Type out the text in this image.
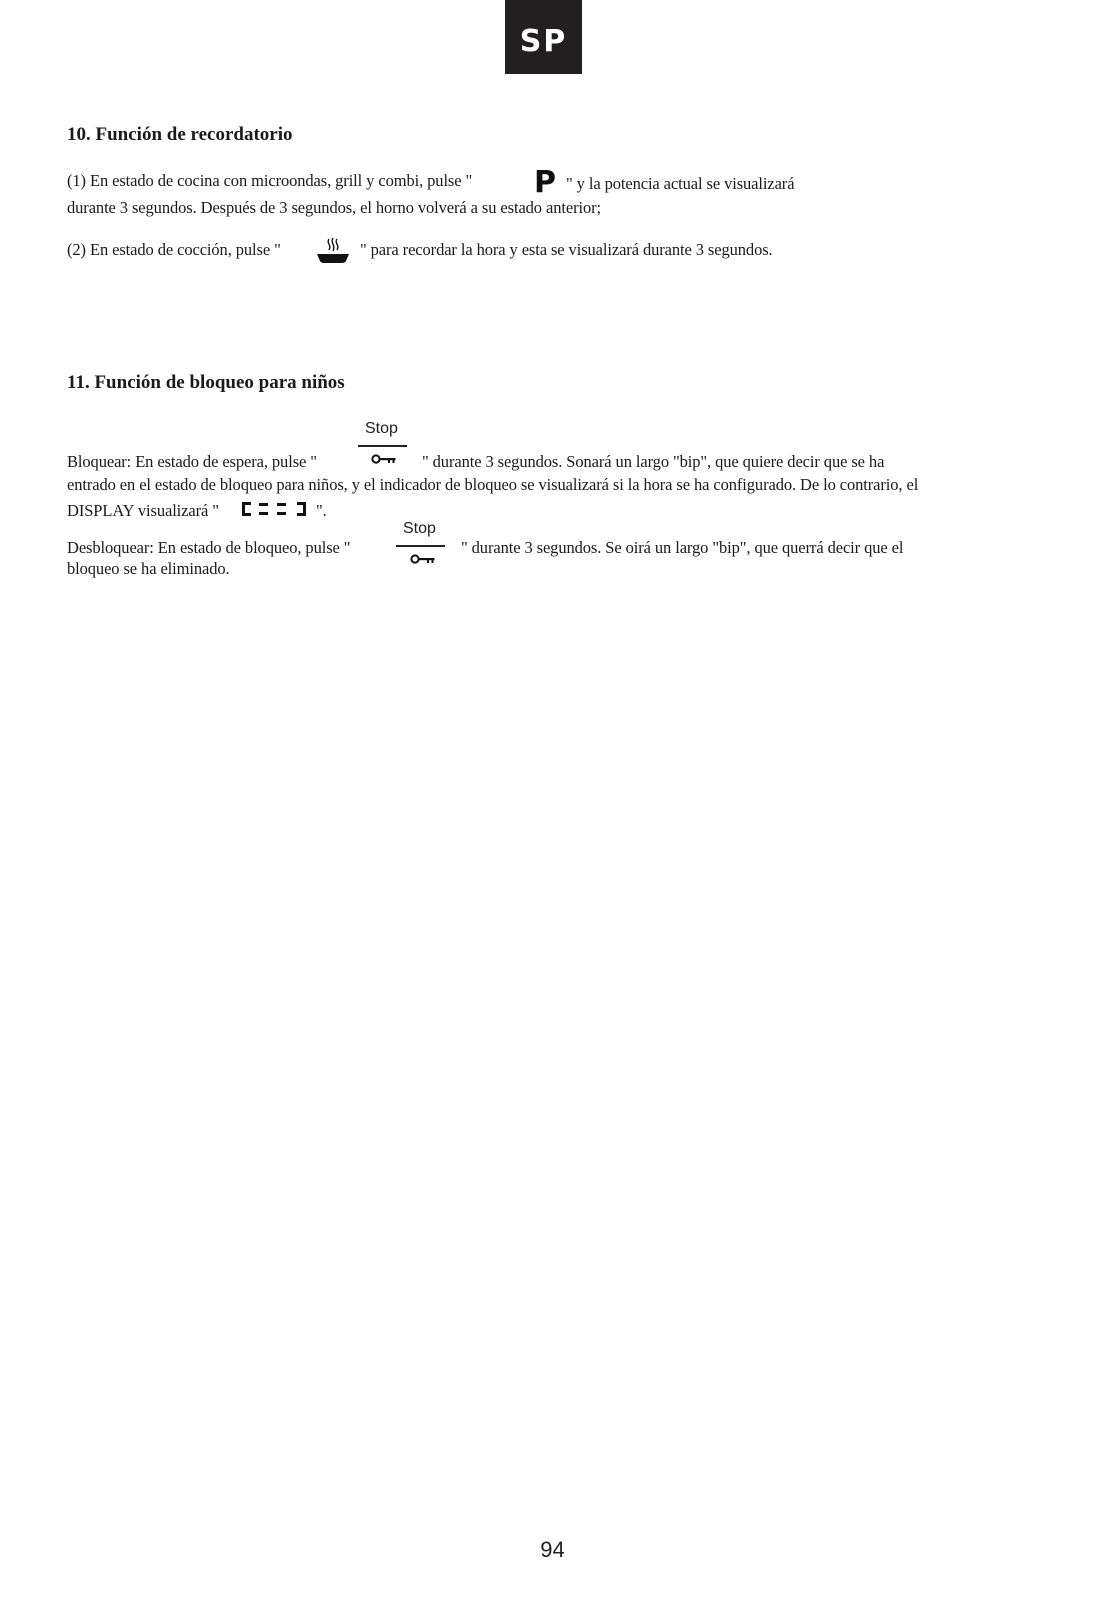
SP
10. Función de recordatorio
(1) En estado de cocina con microondas, grill y combi, pulse " P " y la potencia actual se visualizará
durante 3 segundos. Después de 3 segundos, el horno volverá a su estado anterior;
(2) En estado de cocción, pulse "	" para recordar la hora y esta se visualizará durante 3 segundos.
11. Función de bloqueo para niños
Stop
Bloquear: En estado de espera, pulse "	" durante 3 segundos. Sonará un largo "bip", que quiere decir que se ha
entrado en el estado de bloqueo para niños, y el indicador de bloqueo se visualizará si la hora se ha configurado. De lo contrario, el
DISPLAY visualizará "	".
Stop
Desbloquear: En estado de bloqueo, pulse "	" durante 3 segundos. Se oirá un largo "bip", que querrá decir que el
bloqueo se ha eliminado.
94
